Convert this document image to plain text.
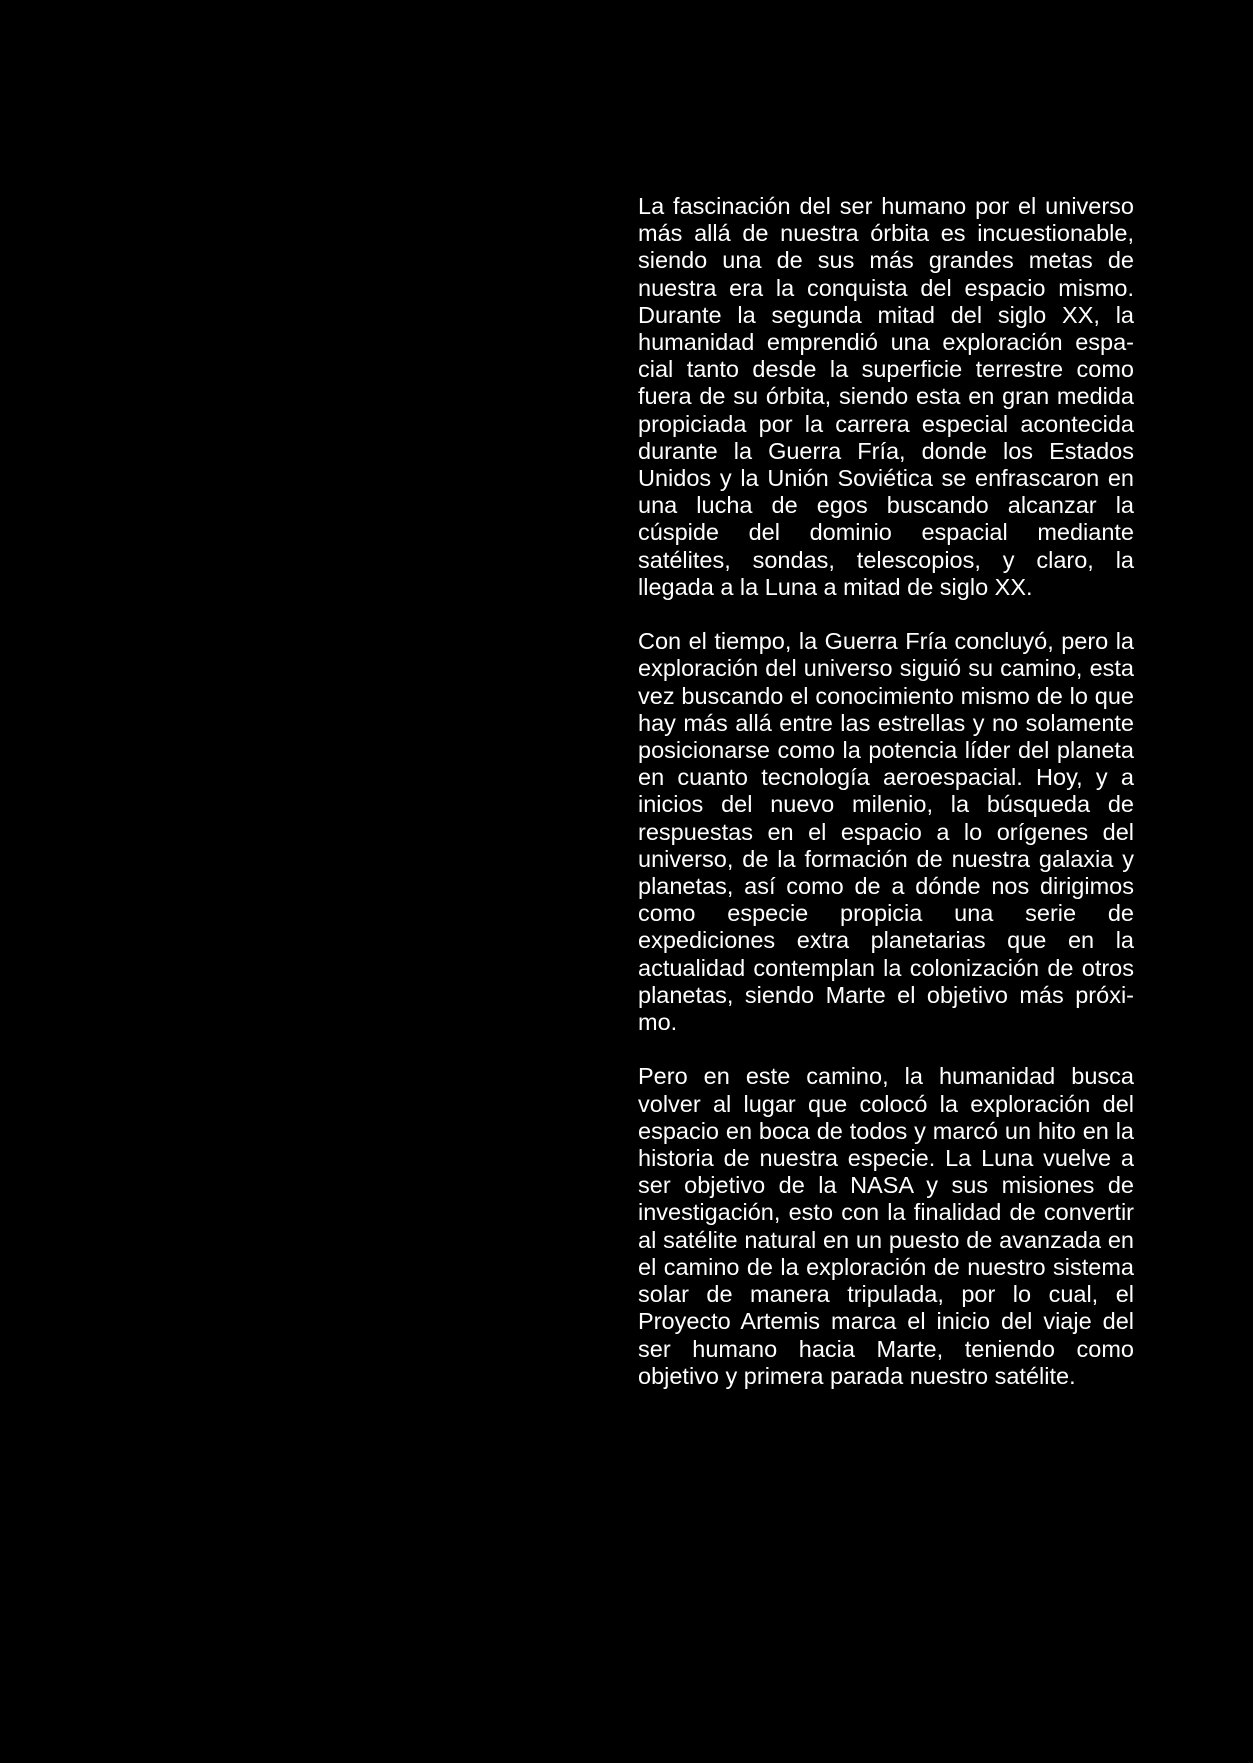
La fascinación del ser humano por el universo más allá de nuestra órbita es incuestionable, siendo una de sus más grandes metas de nuestra era la conquista del espacio mismo. Durante la segunda mitad del siglo XX, la humanidad emprendió una exploración espacial tanto desde la superficie terrestre como fuera de su órbita, siendo esta en gran medida propiciada por la carrera especial acontecida durante la Guerra Fría, donde los Estados Unidos y la Unión Soviética se enfrascaron en una lucha de egos buscando alcanzar la cúspide del dominio espacial mediante satélites, sondas, telescopios, y claro, la llegada a la Luna a mitad de siglo XX.

Con el tiempo, la Guerra Fría concluyó, pero la exploración del universo siguió su camino, esta vez buscando el conocimiento mismo de lo que hay más allá entre las estrellas y no solamente posicionarse como la potencia líder del planeta en cuanto tecnología aeroespacial. Hoy, y a inicios del nuevo milenio, la búsqueda de respuestas en el espacio a lo orígenes del universo, de la formación de nuestra galaxia y planetas, así como de a dónde nos dirigimos como especie propicia una serie de expediciones extra planetarias que en la actualidad contemplan la colonización de otros planetas, siendo Marte el objetivo más próximo.

Pero en este camino, la humanidad busca volver al lugar que colocó la exploración del espacio en boca de todos y marcó un hito en la historia de nuestra especie. La Luna vuelve a ser objetivo de la NASA y sus misiones de investigación, esto con la finalidad de convertir al satélite natural en un puesto de avanzada en el camino de la exploración de nuestro sistema solar de manera tripulada, por lo cual, el Proyecto Artemis marca el inicio del viaje del ser humano hacia Marte, teniendo como objetivo y primera parada nuestro satélite.
